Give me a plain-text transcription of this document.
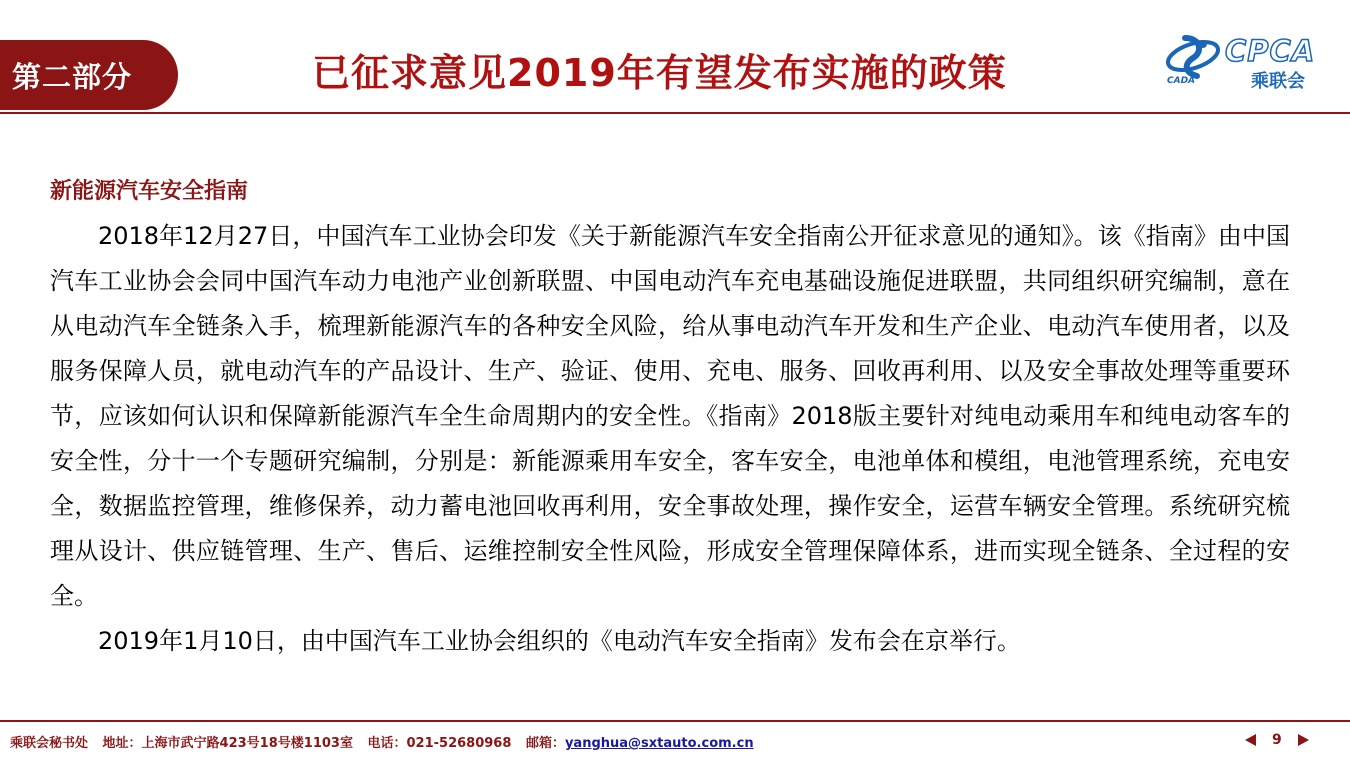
第二部分	已征求意见2019年有望发布实施的政策	CADA
CPCA
乘联会
新能源汽车安全指南

2018年12月27日，中国汽车工业协会印发《关于新能源汽车安全指南公开征求意见的通知》。该《指南》由中国汽车工业协会会同中国汽车动力电池产业创新联盟、中国电动汽车充电基础设施促进联盟，共同组织研究编制，意在从电动汽车全链条入手，梳理新能源汽车的各种安全风险，给从事电动汽车开发和生产企业、电动汽车使用者，以及服务保障人员，就电动汽车的产品设计、生产、验证、使用、充电、服务、回收再利用、以及安全事故处理等重要环节，应该如何认识和保障新能源汽车全生命周期内的安全性。《指南》2018版主要针对纯电动乘用车和纯电动客车的安全性，分十一个专题研究编制，分别是：新能源乘用车安全，客车安全，电池单体和模组，电池管理系统，充电安全，数据监控管理，维修保养，动力蓄电池回收再利用，安全事故处理，操作安全，运营车辆安全管理。系统研究梳理从设计、供应链管理、生产、售后、运维控制安全性风险，形成安全管理保障体系，进而实现全链条、全过程的安全。

2019年1月10日，由中国汽车工业协会组织的《电动汽车安全指南》发布会在京举行。

乘联会秘书处 地址：上海市武宁路423号18号楼1103室 电话：021-52680968 邮箱：yanghua@sxtauto.com.cn	9
